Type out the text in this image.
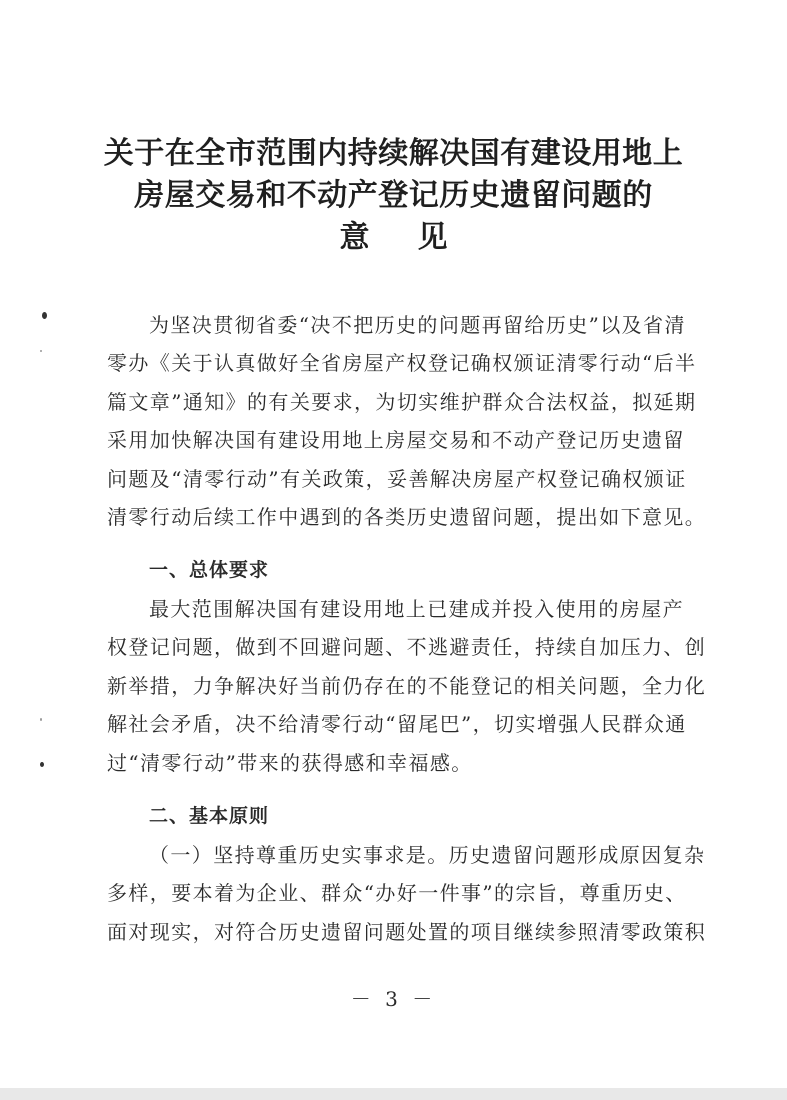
关于在全市范围内持续解决国有建设用地上
房屋交易和不动产登记历史遗留问题的
意见
为坚决贯彻省委“决不把历史的问题再留给历史”以及省清
零办《关于认真做好全省房屋产权登记确权颁证清零行动“后半
篇文章”通知》的有关要求，为切实维护群众合法权益，拟延期
采用加快解决国有建设用地上房屋交易和不动产登记历史遗留
问题及“清零行动”有关政策，妥善解决房屋产权登记确权颁证
清零行动后续工作中遇到的各类历史遗留问题，提出如下意见。
一、总体要求
最大范围解决国有建设用地上已建成并投入使用的房屋产
权登记问题，做到不回避问题、不逃避责任，持续自加压力、创
新举措，力争解决好当前仍存在的不能登记的相关问题，全力化
解社会矛盾，决不给清零行动“留尾巴”，切实增强人民群众通
过“清零行动”带来的获得感和幸福感。
二、基本原则
（一）坚持尊重历史实事求是。历史遗留问题形成原因复杂
多样，要本着为企业、群众“办好一件事”的宗旨，尊重历史、
面对现实，对符合历史遗留问题处置的项目继续参照清零政策积
－ 3 －
